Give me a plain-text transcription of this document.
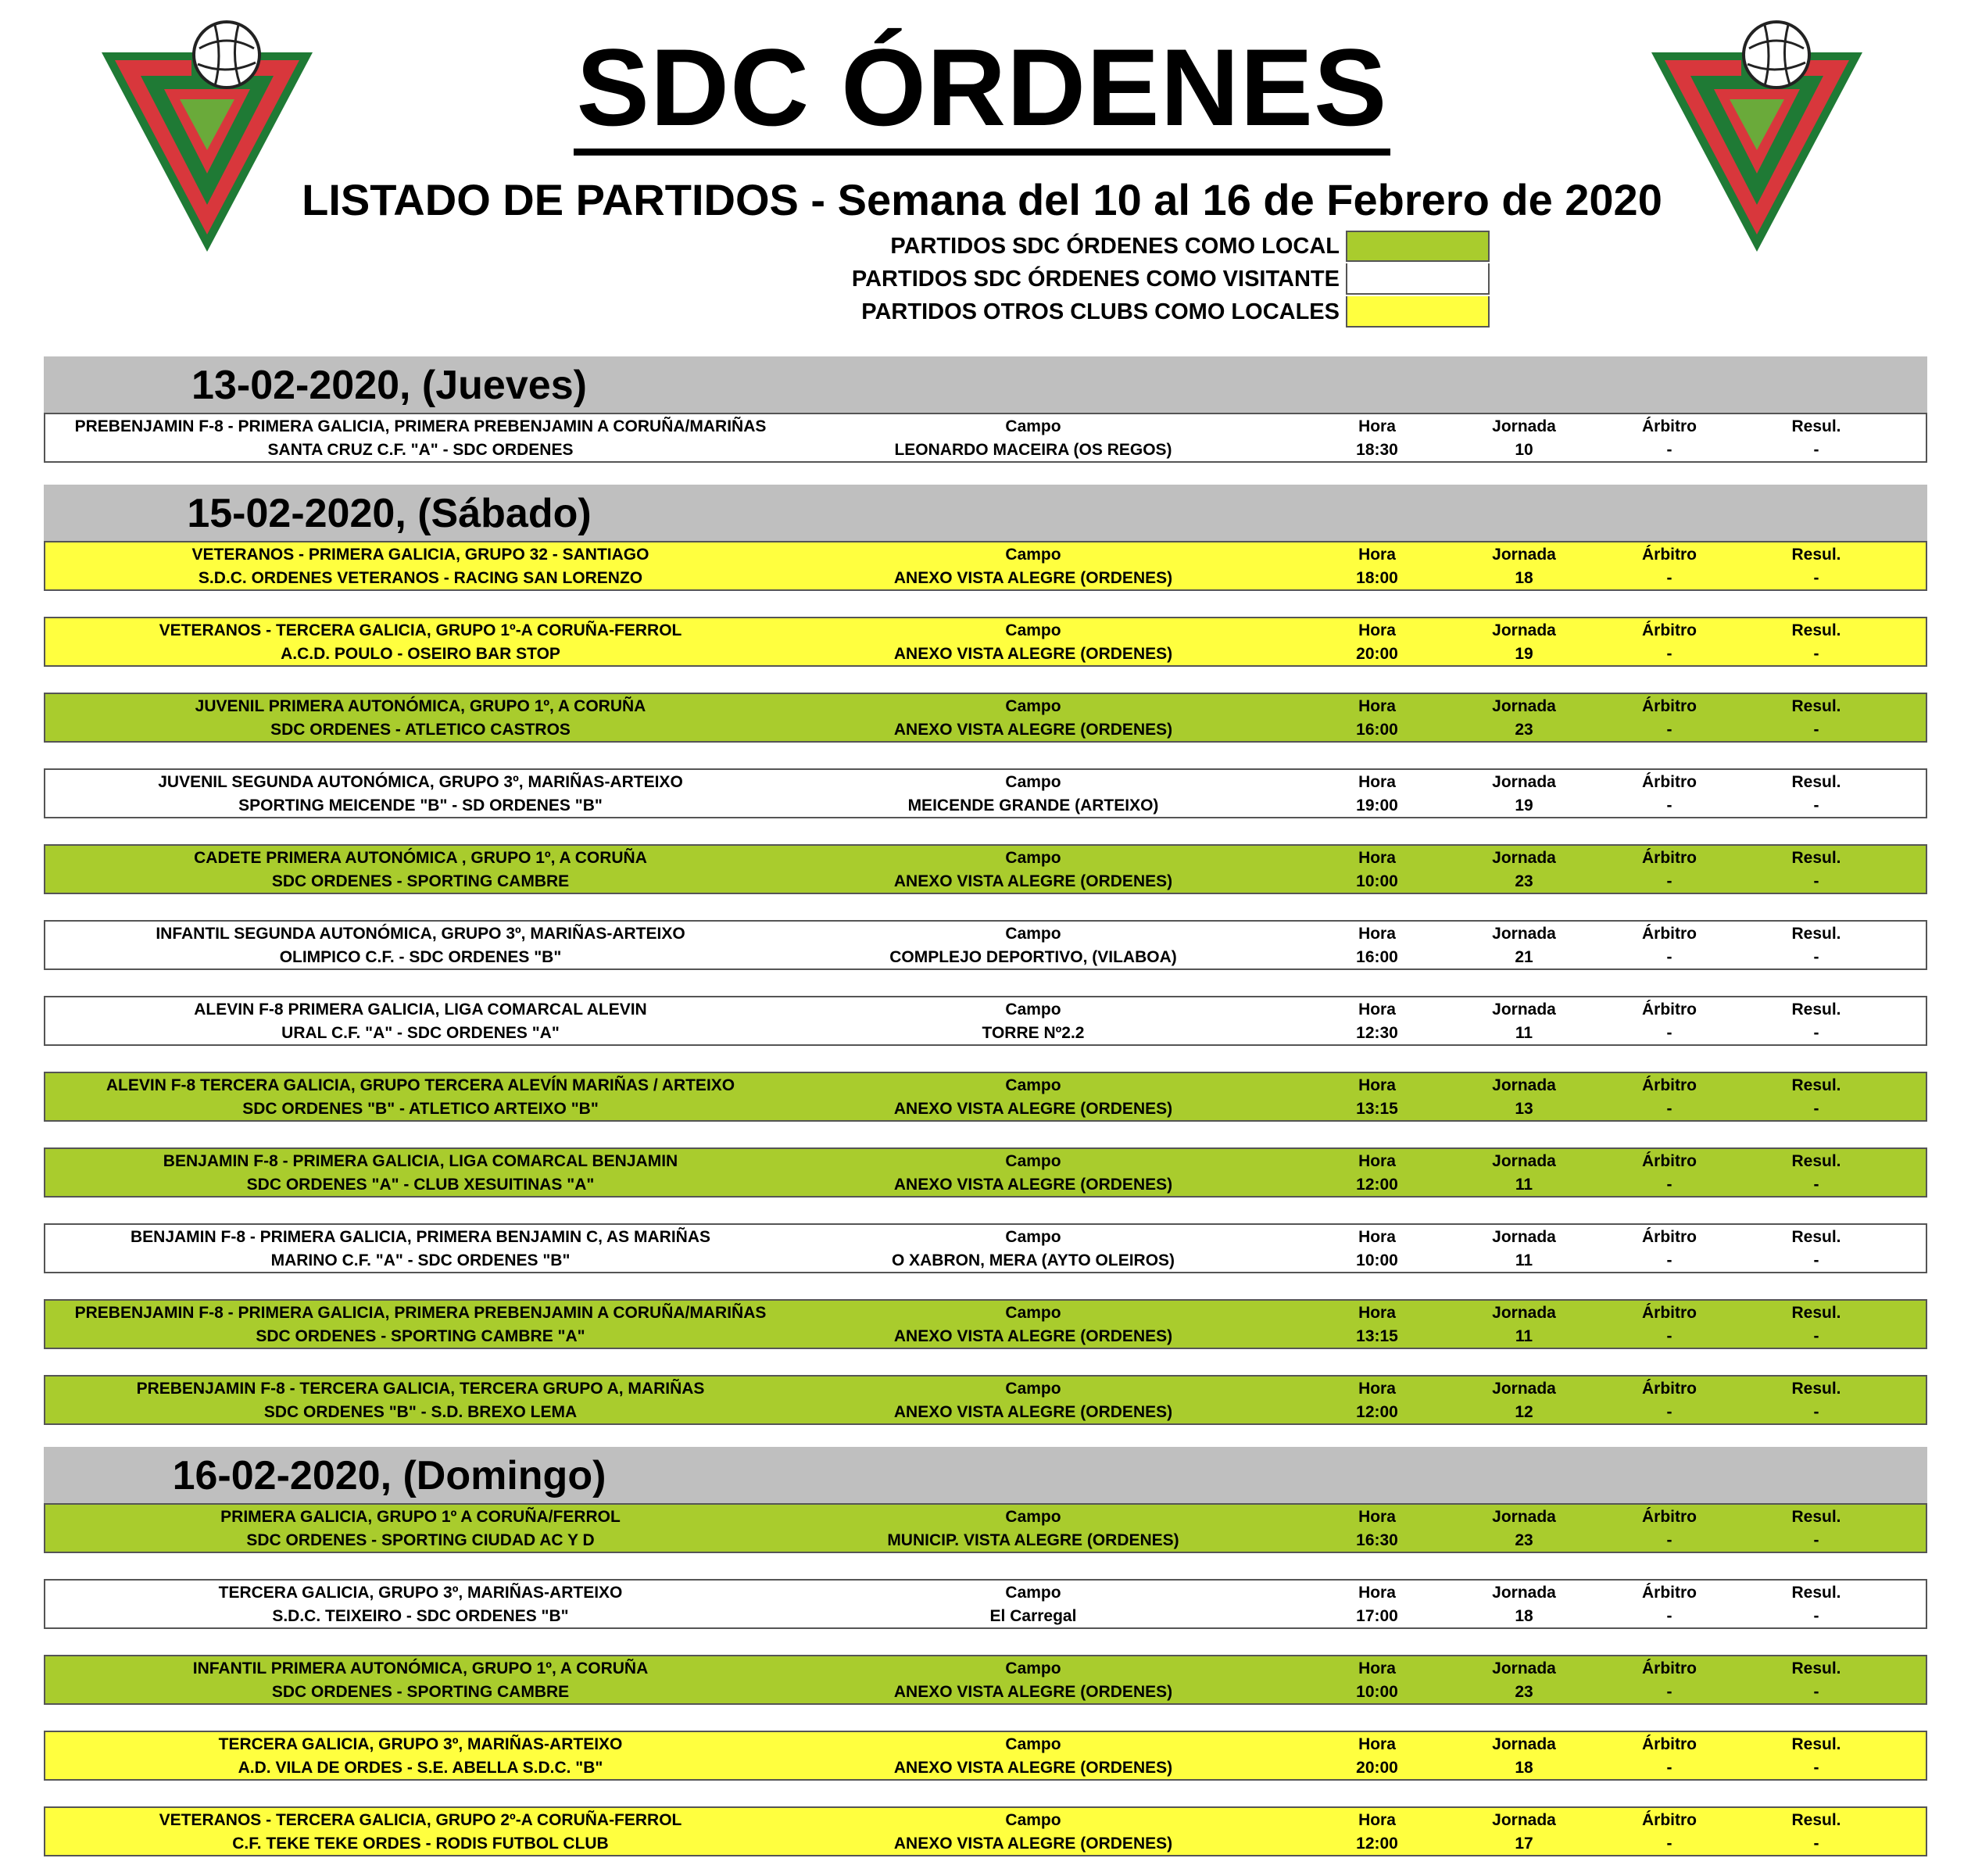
SDC ÓRDENES
LISTADO DE PARTIDOS - Semana del 10 al 16 de Febrero de 2020
PARTIDOS SDC ÓRDENES COMO LOCAL
PARTIDOS SDC ÓRDENES COMO VISITANTE
PARTIDOS OTROS CLUBS COMO LOCALES
13-02-2020, (Jueves)
PREBENJAMIN F-8 - PRIMERA GALICIA, PRIMERA PREBENJAMIN A CORUÑA/MARIÑAS
SANTA CRUZ C.F. "A" - SDC ORDENES
Campo
LEONARDO MACEIRA (OS REGOS)
Hora
18:30
Jornada
10
Árbitro
-
Resul.
-
15-02-2020, (Sábado)
VETERANOS - PRIMERA GALICIA, GRUPO 32 - SANTIAGO
S.D.C. ORDENES VETERANOS - RACING SAN LORENZO
Campo
ANEXO VISTA ALEGRE (ORDENES)
Hora
18:00
Jornada
18
Árbitro
-
Resul.
-
VETERANOS - TERCERA GALICIA, GRUPO 1º-A CORUÑA-FERROL
A.C.D. POULO - OSEIRO BAR STOP
Campo
ANEXO VISTA ALEGRE (ORDENES)
Hora
20:00
Jornada
19
Árbitro
-
Resul.
-
JUVENIL PRIMERA AUTONÓMICA, GRUPO 1º, A CORUÑA
SDC ORDENES - ATLETICO CASTROS
Campo
ANEXO VISTA ALEGRE (ORDENES)
Hora
16:00
Jornada
23
Árbitro
-
Resul.
-
JUVENIL SEGUNDA AUTONÓMICA, GRUPO 3º, MARIÑAS-ARTEIXO
SPORTING MEICENDE "B" - SD ORDENES "B"
Campo
MEICENDE GRANDE (ARTEIXO)
Hora
19:00
Jornada
19
Árbitro
-
Resul.
-
CADETE PRIMERA AUTONÓMICA , GRUPO 1º, A CORUÑA
SDC ORDENES - SPORTING CAMBRE
Campo
ANEXO VISTA ALEGRE (ORDENES)
Hora
10:00
Jornada
23
Árbitro
-
Resul.
-
INFANTIL SEGUNDA AUTONÓMICA, GRUPO 3º, MARIÑAS-ARTEIXO
OLIMPICO C.F. - SDC ORDENES "B"
Campo
COMPLEJO DEPORTIVO, (VILABOA)
Hora
16:00
Jornada
21
Árbitro
-
Resul.
-
ALEVIN F-8 PRIMERA GALICIA, LIGA COMARCAL ALEVIN
URAL C.F. "A" - SDC ORDENES "A"
Campo
TORRE Nº2.2
Hora
12:30
Jornada
11
Árbitro
-
Resul.
-
ALEVIN F-8 TERCERA GALICIA, GRUPO TERCERA ALEVÍN MARIÑAS / ARTEIXO
SDC ORDENES "B" - ATLETICO ARTEIXO "B"
Campo
ANEXO VISTA ALEGRE (ORDENES)
Hora
13:15
Jornada
13
Árbitro
-
Resul.
-
BENJAMIN F-8 - PRIMERA GALICIA, LIGA COMARCAL BENJAMIN
SDC ORDENES "A" - CLUB XESUITINAS "A"
Campo
ANEXO VISTA ALEGRE (ORDENES)
Hora
12:00
Jornada
11
Árbitro
-
Resul.
-
BENJAMIN F-8 - PRIMERA GALICIA, PRIMERA BENJAMIN C, AS MARIÑAS
MARINO C.F. "A" - SDC ORDENES "B"
Campo
O XABRON, MERA (AYTO OLEIROS)
Hora
10:00
Jornada
11
Árbitro
-
Resul.
-
PREBENJAMIN F-8 - PRIMERA GALICIA, PRIMERA PREBENJAMIN A CORUÑA/MARIÑAS
SDC ORDENES - SPORTING CAMBRE "A"
Campo
ANEXO VISTA ALEGRE (ORDENES)
Hora
13:15
Jornada
11
Árbitro
-
Resul.
-
PREBENJAMIN F-8 - TERCERA GALICIA, TERCERA GRUPO A, MARIÑAS
SDC ORDENES "B" - S.D. BREXO LEMA
Campo
ANEXO VISTA ALEGRE (ORDENES)
Hora
12:00
Jornada
12
Árbitro
-
Resul.
-
16-02-2020, (Domingo)
PRIMERA GALICIA, GRUPO 1º A CORUÑA/FERROL
SDC ORDENES - SPORTING CIUDAD AC Y D
Campo
MUNICIP. VISTA ALEGRE (ORDENES)
Hora
16:30
Jornada
23
Árbitro
-
Resul.
-
TERCERA GALICIA, GRUPO 3º, MARIÑAS-ARTEIXO
S.D.C. TEIXEIRO - SDC ORDENES "B"
Campo
El Carregal
Hora
17:00
Jornada
18
Árbitro
-
Resul.
-
INFANTIL PRIMERA AUTONÓMICA, GRUPO 1º, A CORUÑA
SDC ORDENES - SPORTING CAMBRE
Campo
ANEXO VISTA ALEGRE (ORDENES)
Hora
10:00
Jornada
23
Árbitro
-
Resul.
-
TERCERA GALICIA, GRUPO 3º, MARIÑAS-ARTEIXO
A.D. VILA DE ORDES - S.E. ABELLA S.D.C. "B"
Campo
ANEXO VISTA ALEGRE (ORDENES)
Hora
20:00
Jornada
18
Árbitro
-
Resul.
-
VETERANOS - TERCERA GALICIA, GRUPO 2º-A CORUÑA-FERROL
C.F. TEKE TEKE ORDES - RODIS FUTBOL CLUB
Campo
ANEXO VISTA ALEGRE (ORDENES)
Hora
12:00
Jornada
17
Árbitro
-
Resul.
-
